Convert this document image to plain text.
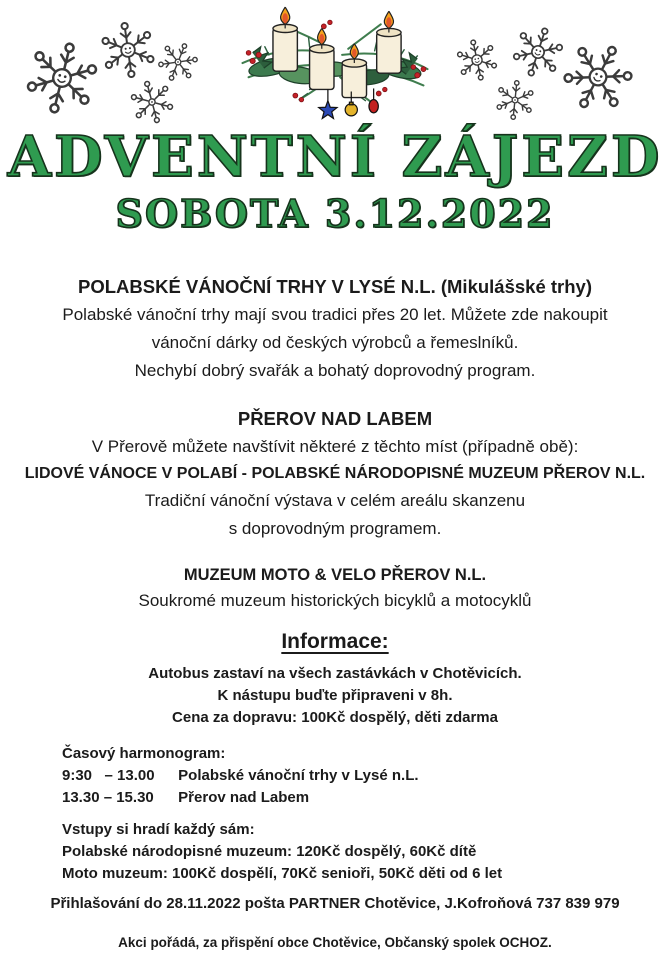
ADVENTNÍ ZÁJEZD
SOBOTA 3.12.2022

POLABSKÉ VÁNOČNÍ TRHY V LYSÉ N.L. (Mikulášské trhy)

Polabské vánoční trhy mají svou tradici přes 20 let. Můžete zde nakoupit
vánoční dárky od českých výrobců a řemeslníků.
Nechybí dobrý svařák a bohatý doprovodný program.

PŘEROV NAD LABEM

V Přerově můžete navštívit některé z těchto míst (případně obě):
LIDOVÉ VÁNOCE V POLABÍ - POLABSKÉ NÁRODOPISNÉ MUZEUM PŘEROV N.L.
Tradiční vánoční výstava v celém areálu skanzenu
s doprovodným programem.

MUZEUM MOTO & VELO PŘEROV N.L.

Soukromé muzeum historických bicyklů a motocyklů
Informace:
Autobus zastaví na všech zastávkách v Chotěvicích.
K nástupu buďte připraveni v 8h.
Cena za dopravu: 100Kč dospělý, děti zdarma
Časový harmonogram:
9:30   – 13.00 Polabské vánoční trhy v Lysé n.L.
13.30 – 15.30 Přerov nad Labem
Vstupy si hradí každý sám:
Polabské národopisné muzeum: 120Kč dospělý, 60Kč dítě
Moto muzeum: 100Kč dospělí, 70Kč senioři, 50Kč děti od 6 let
Přihlašování do 28.11.2022 pošta PARTNER Chotěvice, J.Kofroňová 737 839 979
Akci pořádá, za přispění obce Chotěvice, Občanský spolek OCHOZ.
